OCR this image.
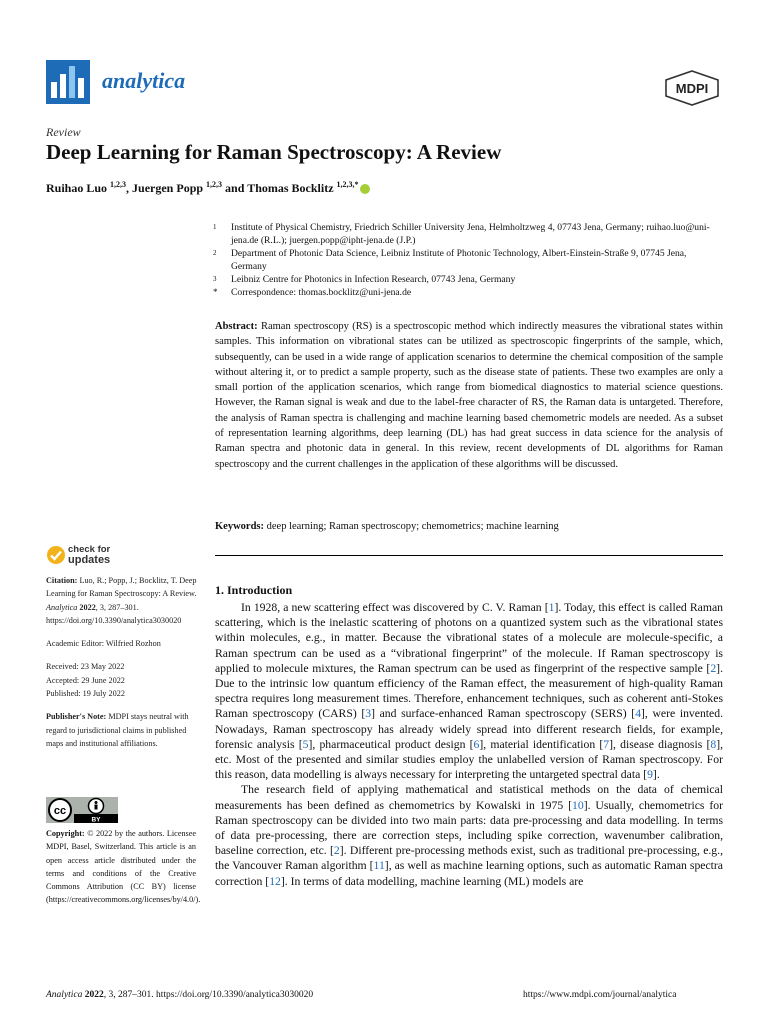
analytica	MDPI
Review
Deep Learning for Raman Spectroscopy: A Review
Ruihao Luo $^{1,2,3}$, Juergen Popp $^{1,2,3}$ and Thomas Bocklitz $^{1,2,3,*}$
1	Institute of Physical Chemistry, Friedrich Schiller University Jena, Helmholtzweg 4, 07743 Jena, Germany; ruihao.luo@uni-jena.de (R.L.); juergen.popp@ipht-jena.de (J.P.)
2	Department of Photonic Data Science, Leibniz Institute of Photonic Technology, Albert-Einstein-Straße 9, 07745 Jena, Germany
3	Leibniz Centre for Photonics in Infection Research, 07743 Jena, Germany
*	Correspondence: thomas.bocklitz@uni-jena.de
Abstract: Raman spectroscopy (RS) is a spectroscopic method which indirectly measures the vibrational states within samples. This information on vibrational states can be utilized as spectroscopic fingerprints of the sample, which, subsequently, can be used in a wide range of application scenarios to determine the chemical composition of the sample without altering it, or to predict a sample property, such as the disease state of patients. These two examples are only a small portion of the application scenarios, which range from biomedical diagnostics to material science questions. However, the Raman signal is weak and due to the label-free character of RS, the Raman data is untargeted. Therefore, the analysis of Raman spectra is challenging and machine learning based chemometric models are needed. As a subset of representation learning algorithms, deep learning (DL) has had great success in data science for the analysis of Raman spectra and photonic data in general. In this review, recent developments of DL algorithms for Raman spectroscopy and the current challenges in the application of these algorithms will be discussed.
Keywords: deep learning; Raman spectroscopy; chemometrics; machine learning
check for
updates

Citation: Luo, R.; Popp, J.; Bocklitz, T. Deep Learning for Raman Spectroscopy: A Review. Analytica 2022, 3, 287–301. https://doi.org/10.3390/analytica3030020

Academic Editor: Wilfried Rozhon

Received: 23 May 2022

Accepted: 29 June 2022

Published: 19 July 2022

Publisher's Note: MDPI stays neutral with regard to jurisdictional claims in published maps and institutional affiliations.

cc
BY
Copyright: © 2022 by the authors. Licensee MDPI, Basel, Switzerland. This article is an open access article distributed under the terms and conditions of the Creative Commons Attribution (CC BY) license (https://creativecommons.org/licenses/by/4.0/).
1. Introduction

In 1928, a new scattering effect was discovered by C. V. Raman [1]. Today, this effect is called Raman scattering, which is the inelastic scattering of photons on a quantized system such as the vibrational states within molecules, e.g., in matter. Because the vibrational states of a molecule are molecule-specific, a Raman spectrum can be used as a “vibrational fingerprint” of the molecule. If Raman spectroscopy is applied to molecule mixtures, the Raman spectrum can be used as fingerprint of the respective sample [2]. Due to the intrinsic low quantum efficiency of the Raman effect, the measurement of high-quality Raman spectra requires long measurement times. Therefore, enhancement techniques, such as coherent anti-Stokes Raman spectroscopy (CARS) [3] and surface-enhanced Raman spectroscopy (SERS) [4], were invented. Nowadays, Raman spectroscopy has already widely spread into different research fields, for example, forensic analysis [5], pharmaceutical product design [6], material identification [7], disease diagnosis [8], etc. Most of the presented and similar studies employ the unlabelled version of Raman spectroscopy. For this reason, data modelling is always necessary for interpreting the untargeted spectral data [9].

The research field of applying mathematical and statistical methods on the data of chemical measurements has been defined as chemometrics by Kowalski in 1975 [10]. Usually, chemometrics for Raman spectroscopy can be divided into two main parts: data pre-processing and data modelling. In terms of data pre-processing, there are correction steps, including spike correction, wavenumber calibration, baseline correction, etc. [2]. Different pre-processing methods exist, such as traditional pre-processing, e.g., the Vancouver Raman algorithm [11], as well as machine learning options, such as automatic Raman spectra correction [12]. In terms of data modelling, machine learning (ML) models are

Analytica 2022, 3, 287–301. https://doi.org/10.3390/analytica3030020	https://www.mdpi.com/journal/analytica
